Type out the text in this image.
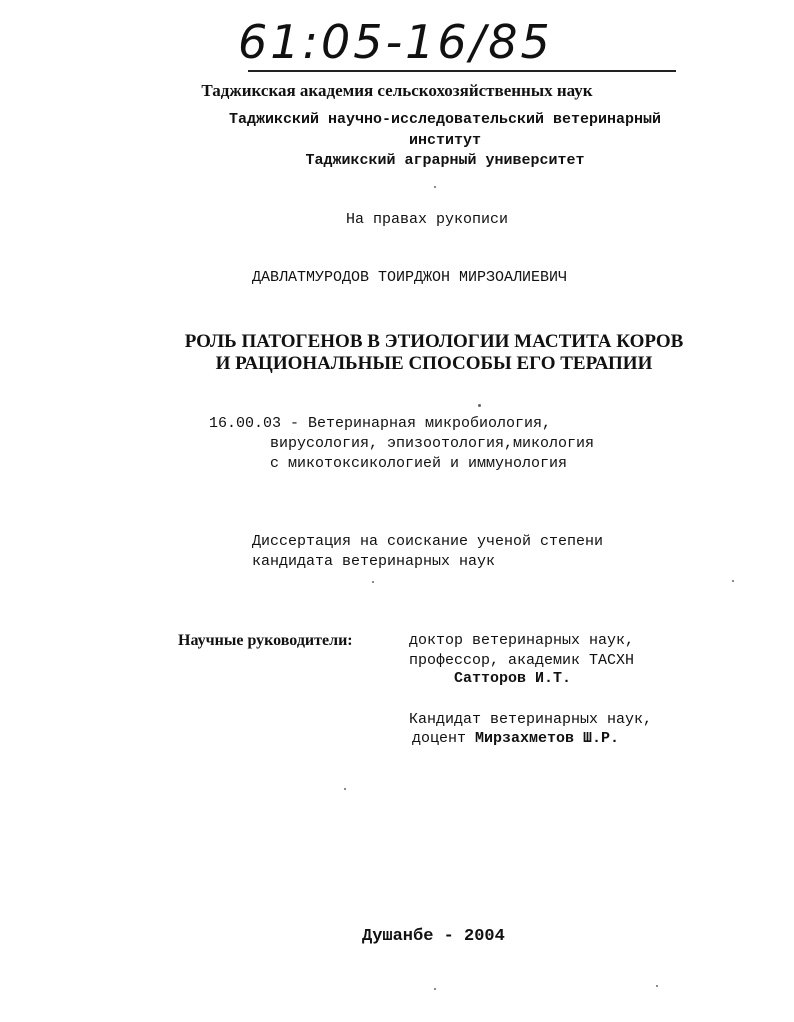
61:05-16/85
Таджикская академия сельскохозяйственных наук
Таджикский научно-исследовательский ветеринарный
институт
Таджикский аграрный университет
На правах рукописи
ДАВЛАТМУРОДОВ ТОИРДЖОН МИРЗОАЛИЕВИЧ
РОЛЬ ПАТОГЕНОВ В ЭТИОЛОГИИ МАСТИТА КОРОВ
И РАЦИОНАЛЬНЫЕ СПОСОБЫ ЕГО ТЕРАПИИ
16.00.03 - Ветеринарная микробиология,
вирусология, эпизоотология,микология
с микотоксикологией и иммунология
Диссертация на соискание ученой степени
кандидата ветеринарных наук
Научные руководители:	доктор ветеринарных наук,
профессор, академик ТАСХН
Сатторов И.Т.
Кандидат ветеринарных наук,
доцент Мирзахметов Ш.Р.
Душанбе - 2004
